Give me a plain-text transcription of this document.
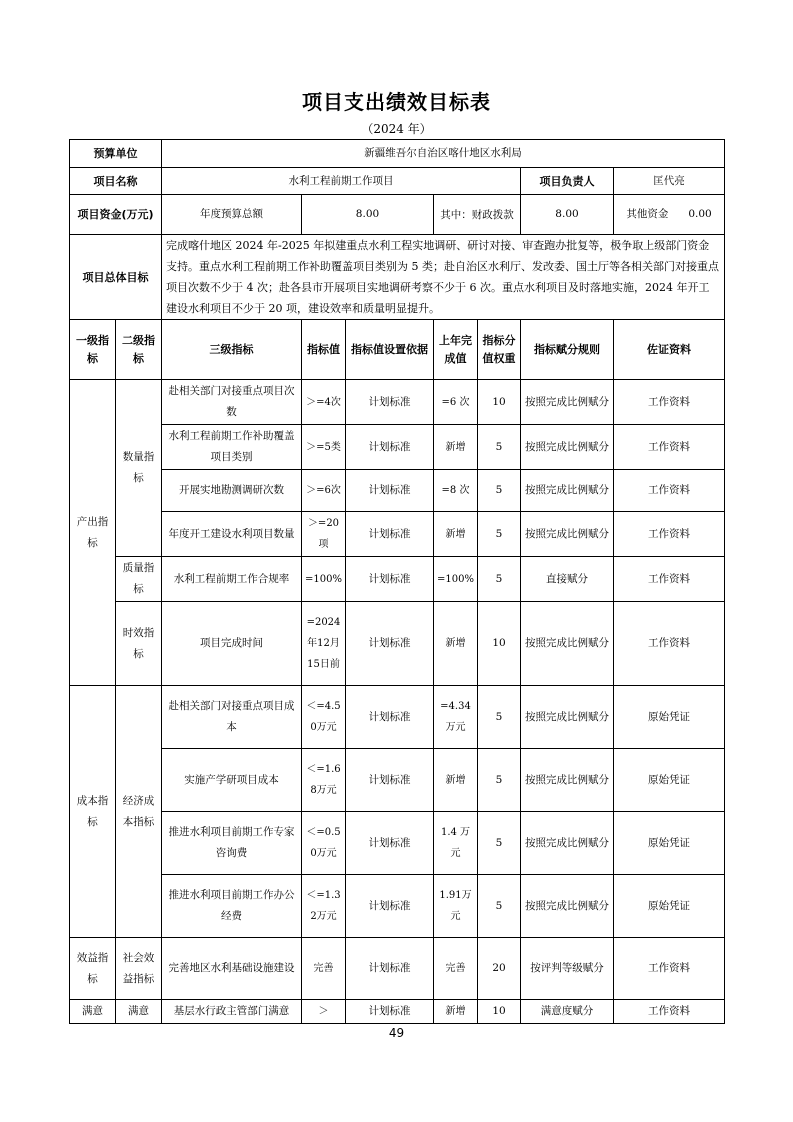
项目支出绩效目标表
（2024 年）
预算单位		新疆维吾尔自治区喀什地区水利局						
项目名称		水利工程前期工作项目					项目负责人	匡代亮
项目资金(万元)		年度预算总额	8.00		其中：财政拨款		8.00	其他资金 0.00
项目总体目标		完成喀什地区 2024 年-2025 年拟建重点水利工程实地调研、研讨对接、审查跑办批复等，极争取上级部门资金支持。重点水利工程前期工作补助覆盖项目类别为 5 类；赴自治区水利厅、发改委、国土厅等各相关部门对接重点项目次数不少于 4 次；赴各县市开展项目实地调研考察不少于 6 次。重点水利项目及时落地实施，2024 年开工建设水利项目不少于 20 项，建设效率和质量明显提升。						
一级指标	二级指标	三级指标	指标值	指标值设置依据	上年完成值	指标分值权重	指标赋分规则	佐证资料
产出指标	数量指标	赴相关部门对接重点项目次数	＞=4次	计划标准	=6 次	10	按照完成比例赋分	工作资料
		水利工程前期工作补助覆盖项目类别	＞=5类	计划标准	新增	5	按照完成比例赋分	工作资料
		开展实地勘测调研次数	＞=6次	计划标准	=8 次	5	按照完成比例赋分	工作资料
		年度开工建设水利项目数量	＞=20项	计划标准	新增	5	按照完成比例赋分	工作资料
	质量指标	水利工程前期工作合规率	=100%	计划标准	=100%	5	直接赋分	工作资料
	时效指标	项目完成时间	=2024年12月15日前	计划标准	新增	10	按照完成比例赋分	工作资料
成本指标	经济成本指标	赴相关部门对接重点项目成本	＜=4.50万元	计划标准	=4.34万元	5	按照完成比例赋分	原始凭证
		实施产学研项目成本	＜=1.68万元	计划标准	新增	5	按照完成比例赋分	原始凭证
		推进水利项目前期工作专家咨询费	＜=0.50万元	计划标准	1.4 万元	5	按照完成比例赋分	原始凭证
		推进水利项目前期工作办公经费	＜=1.32万元	计划标准	1.91万元	5	按照完成比例赋分	原始凭证
效益指标	社会效益指标	完善地区水利基础设施建设	完善	计划标准	完善	20	按评判等级赋分	工作资料
满意	满意	基层水行政主管部门满意	＞	计划标准	新增	10	满意度赋分	工作资料
49
